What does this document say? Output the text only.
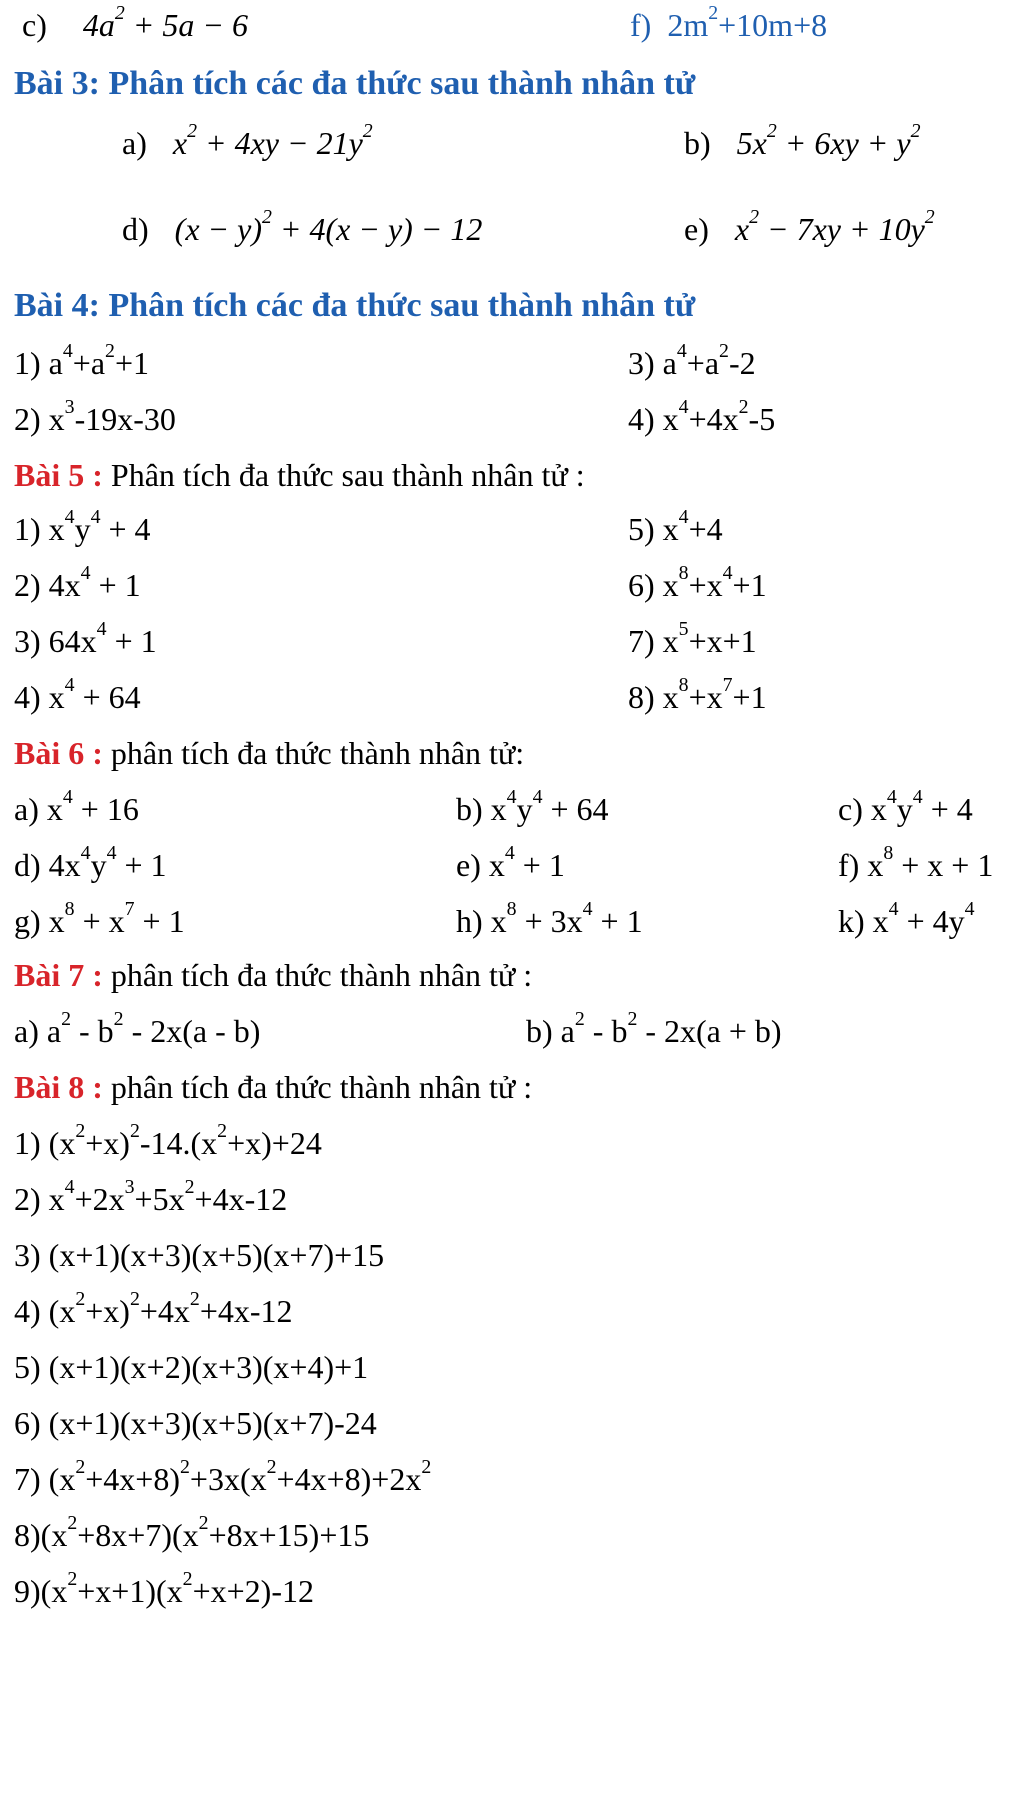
c) $4a^2 + 5a - 6$	f) $2m^2+10m+8$
Bài 3: Phân tích các đa thức sau thành nhân tử
a) $x^2 + 4xy - 21y^2$	b) $5x^2 + 6xy + y^2$
d) $(x - y)^2 + 4(x - y) - 12$	e) $x^2 - 7xy + 10y^2$
Bài 4: Phân tích các đa thức sau thành nhân tử
1) $a^4+a^2+1$	3) $a^4+a^2-2$
2) $x^3-19x-30$	4) $x^4+4x^2-5$
Bài 5 : Phân tích đa thức sau thành nhân tử :
1) $x^4y^4 + 4$	5) $x^4+4$
2) $4x^4 + 1$	6) $x^8+x^4+1$
3) $64x^4 + 1$	7) $x^5+x+1$
4) $x^4 + 64$	8) $x^8+x^7+1$
Bài 6 : phân tích đa thức thành nhân tử:
a) $x^4 + 16$	b) $x^4y^4 + 64$	c) $x^4y^4 + 4$
d) $4x^4y^4 + 1$	e) $x^4 + 1$	f) $x^8 + x + 1$
g) $x^8 + x^7 + 1$	h) $x^8 + 3x^4 + 1$	k) $x^4 + 4y^4$
Bài 7 : phân tích đa thức thành nhân tử :
a) $a^2 - b^2 - 2x(a - b)$	b) $a^2 - b^2 - 2x(a + b)$
Bài 8 : phân tích đa thức thành nhân tử :
1) $(x^2+x)^2-14.(x^2+x)+24$
2) $x^4+2x^3+5x^2+4x-12$
3) (x+1)(x+3)(x+5)(x+7)+15
4) $(x^2+x)^2+4x^2+4x-12$
5) (x+1)(x+2)(x+3)(x+4)+1
6) (x+1)(x+3)(x+5)(x+7)-24
7) $(x^2+4x+8)^2+3x(x^2+4x+8)+2x^2$
$8)(x^2+8x+7)(x^2+8x+15)+15$
$9)(x^2+x+1)(x^2+x+2)-12$
